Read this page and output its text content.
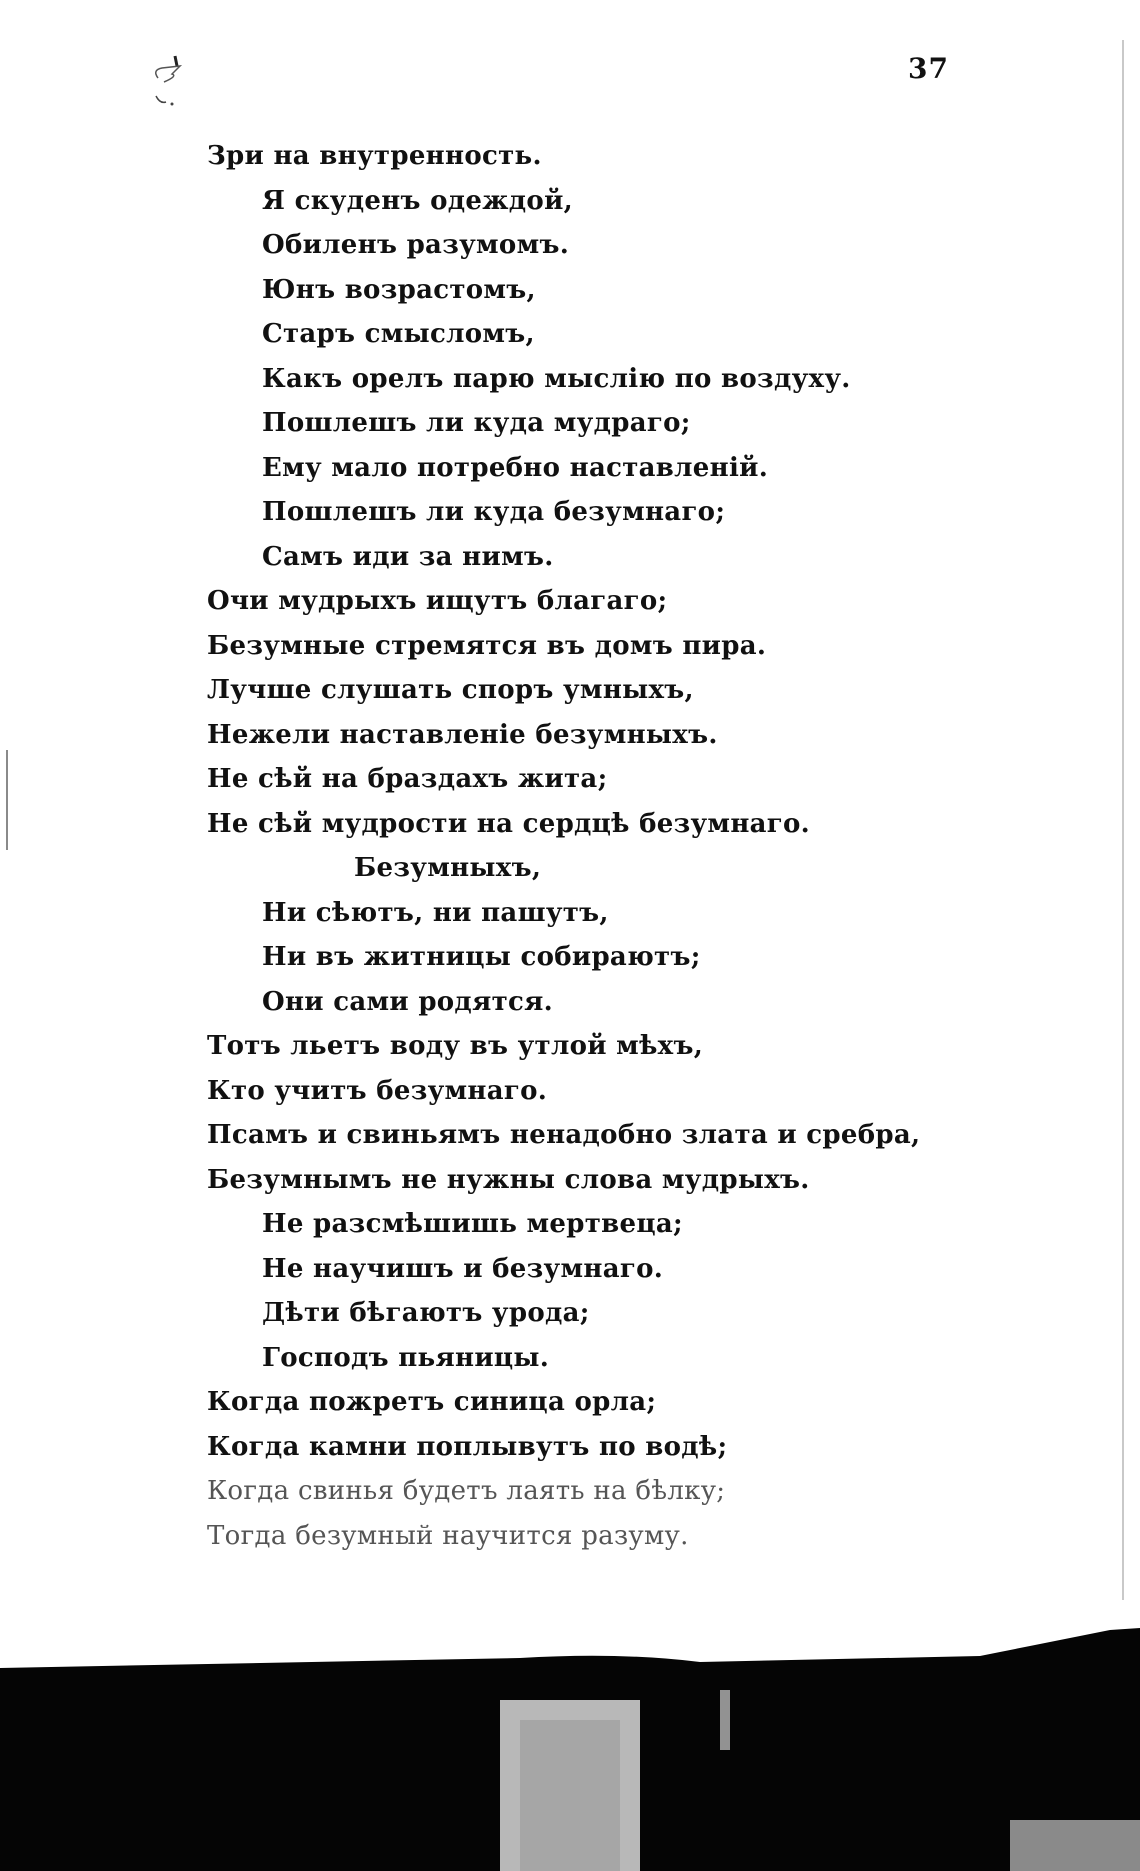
37
Зри на внутренность.
Я скуденъ одеждой,
Обиленъ разумомъ.
Юнъ возрастомъ,
Старъ смысломъ,
Какъ орелъ парю мыслію по воздуху.
Пошлешъ ли куда мудраго;
Ему мало потребно наставленій.
Пошлешъ ли куда безумнаго;
Самъ иди за нимъ.
Очи мудрыхъ ищутъ благаго;
Безумные стремятся въ домъ пира.
Лучше слушать споръ умныхъ,
Нежели наставленіе безумныхъ.
Не сѣй на браздахъ жита;
Не сѣй мудрости на сердцѣ безумнаго.
Безумныхъ,
Ни сѣютъ, ни пашутъ,
Ни въ житницы собираютъ;
Они сами родятся.
Тотъ льетъ воду въ утлой мѣхъ,
Кто учитъ безумнаго.
Псамъ и свиньямъ ненадобно злата и сребра,
Безумнымъ не нужны слова мудрыхъ.
Не разсмѣшишь мертвеца;
Не научишъ и безумнаго.
Дѣти бѣгаютъ урода;
Господъ пьяницы.
Когда пожретъ синица орла;
Когда камни поплывутъ по водѣ;
Когда свинья будетъ лаять на бѣлку;
Тогда безумный научится разуму.
